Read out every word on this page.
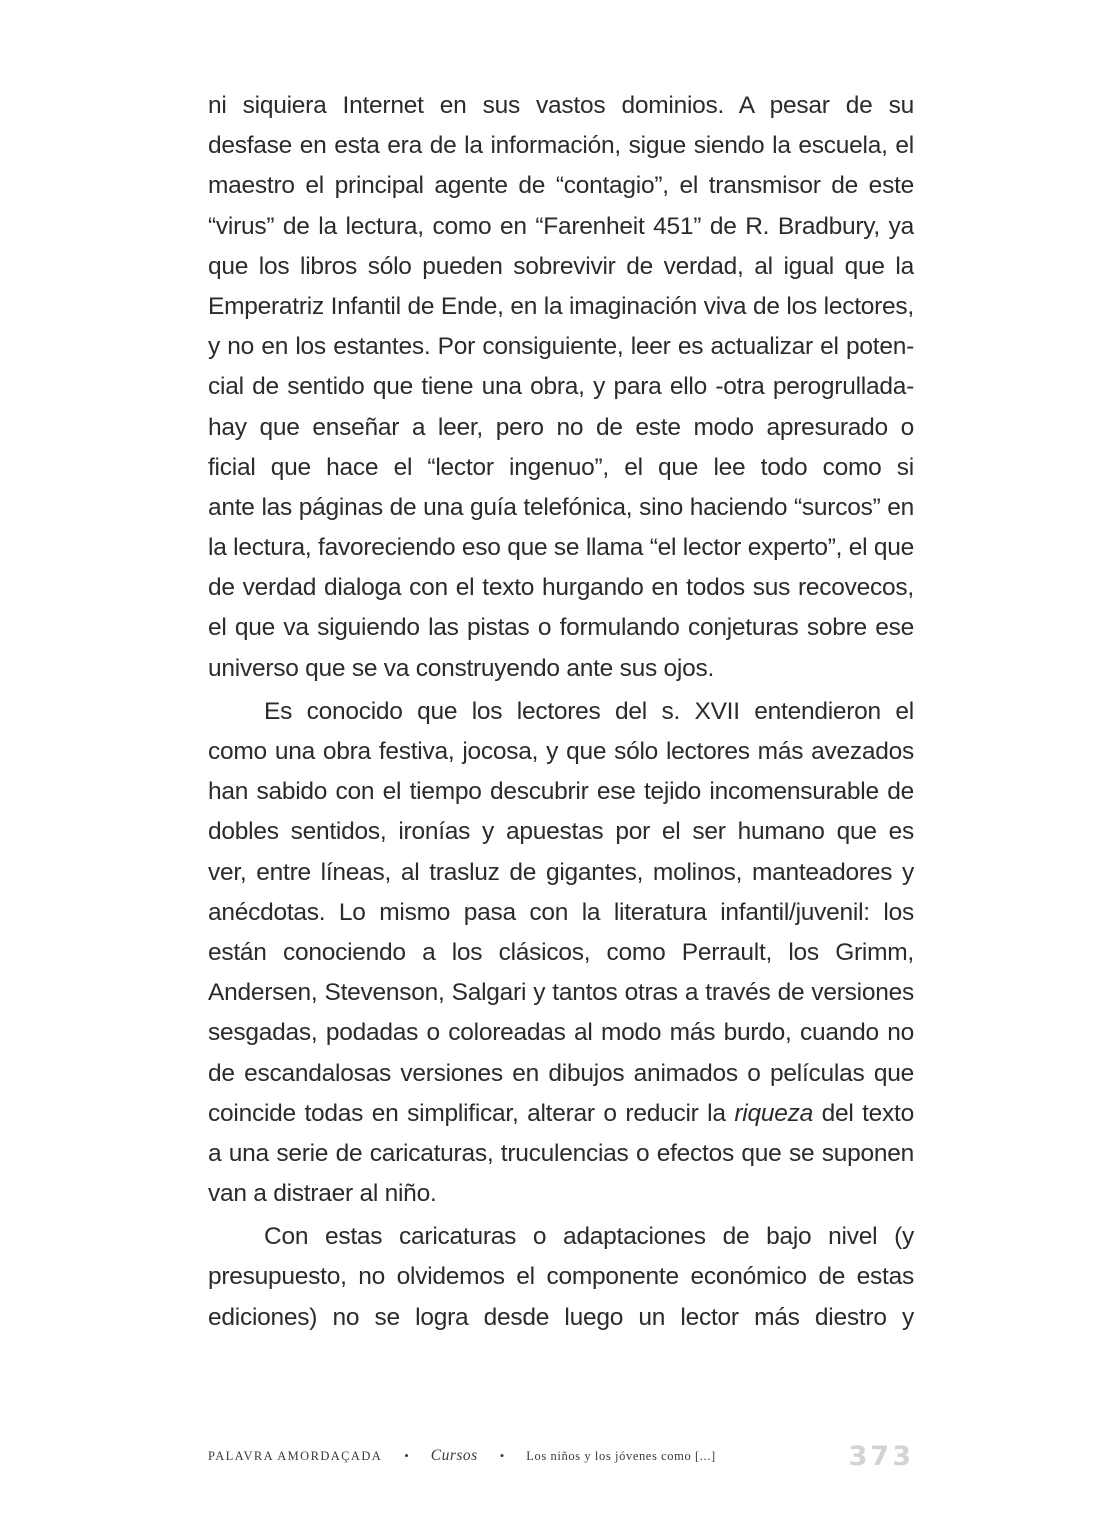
ni siquiera Internet en sus vastos dominios. A pesar de su
desfase en esta era de la información, sigue siendo la escuela, el
maestro el principal agente de “contagio”, el transmisor de este
“virus” de la lectura, como en “Farenheit 451” de R. Bradbury, ya
que los libros sólo pueden sobrevivir de verdad, al igual que la
Emperatriz Infantil de Ende, en la imaginación viva de los lectores,
y no en los estantes. Por consiguiente, leer es actualizar el poten-
cial de sentido que tiene una obra, y para ello -otra perogrullada-
hay que enseñar a leer, pero no de este modo apresurado o
ficial que hace el “lector ingenuo”, el que lee todo como si
ante las páginas de una guía telefónica, sino haciendo “surcos” en
la lectura, favoreciendo eso que se llama “el lector experto”, el que
de verdad dialoga con el texto hurgando en todos sus recovecos,
el que va siguiendo las pistas o formulando conjeturas sobre ese
universo que se va construyendo ante sus ojos.
Es conocido que los lectores del s. XVII entendieron el
como una obra festiva, jocosa, y que sólo lectores más avezados
han sabido con el tiempo descubrir ese tejido incomensurable de
dobles sentidos, ironías y apuestas por el ser humano que es
ver, entre líneas, al trasluz de gigantes, molinos, manteadores y
anécdotas. Lo mismo pasa con la literatura infantil/juvenil: los
están conociendo a los clásicos, como Perrault, los Grimm,
Andersen, Stevenson, Salgari y tantos otras a través de versiones
sesgadas, podadas o coloreadas al modo más burdo, cuando no
de escandalosas versiones en dibujos animados o películas que
coincide todas en simplificar, alterar o reducir la riqueza del texto
a una serie de caricaturas, truculencias o efectos que se suponen
van a distraer al niño.
Con estas caricaturas o adaptaciones de bajo nivel (y
presupuesto, no olvidemos el componente económico de estas
ediciones) no se logra desde luego un lector más diestro y
PALAVRA AMORDAÇADA • Cursos • Los niños y los jóvenes como [...]	373
